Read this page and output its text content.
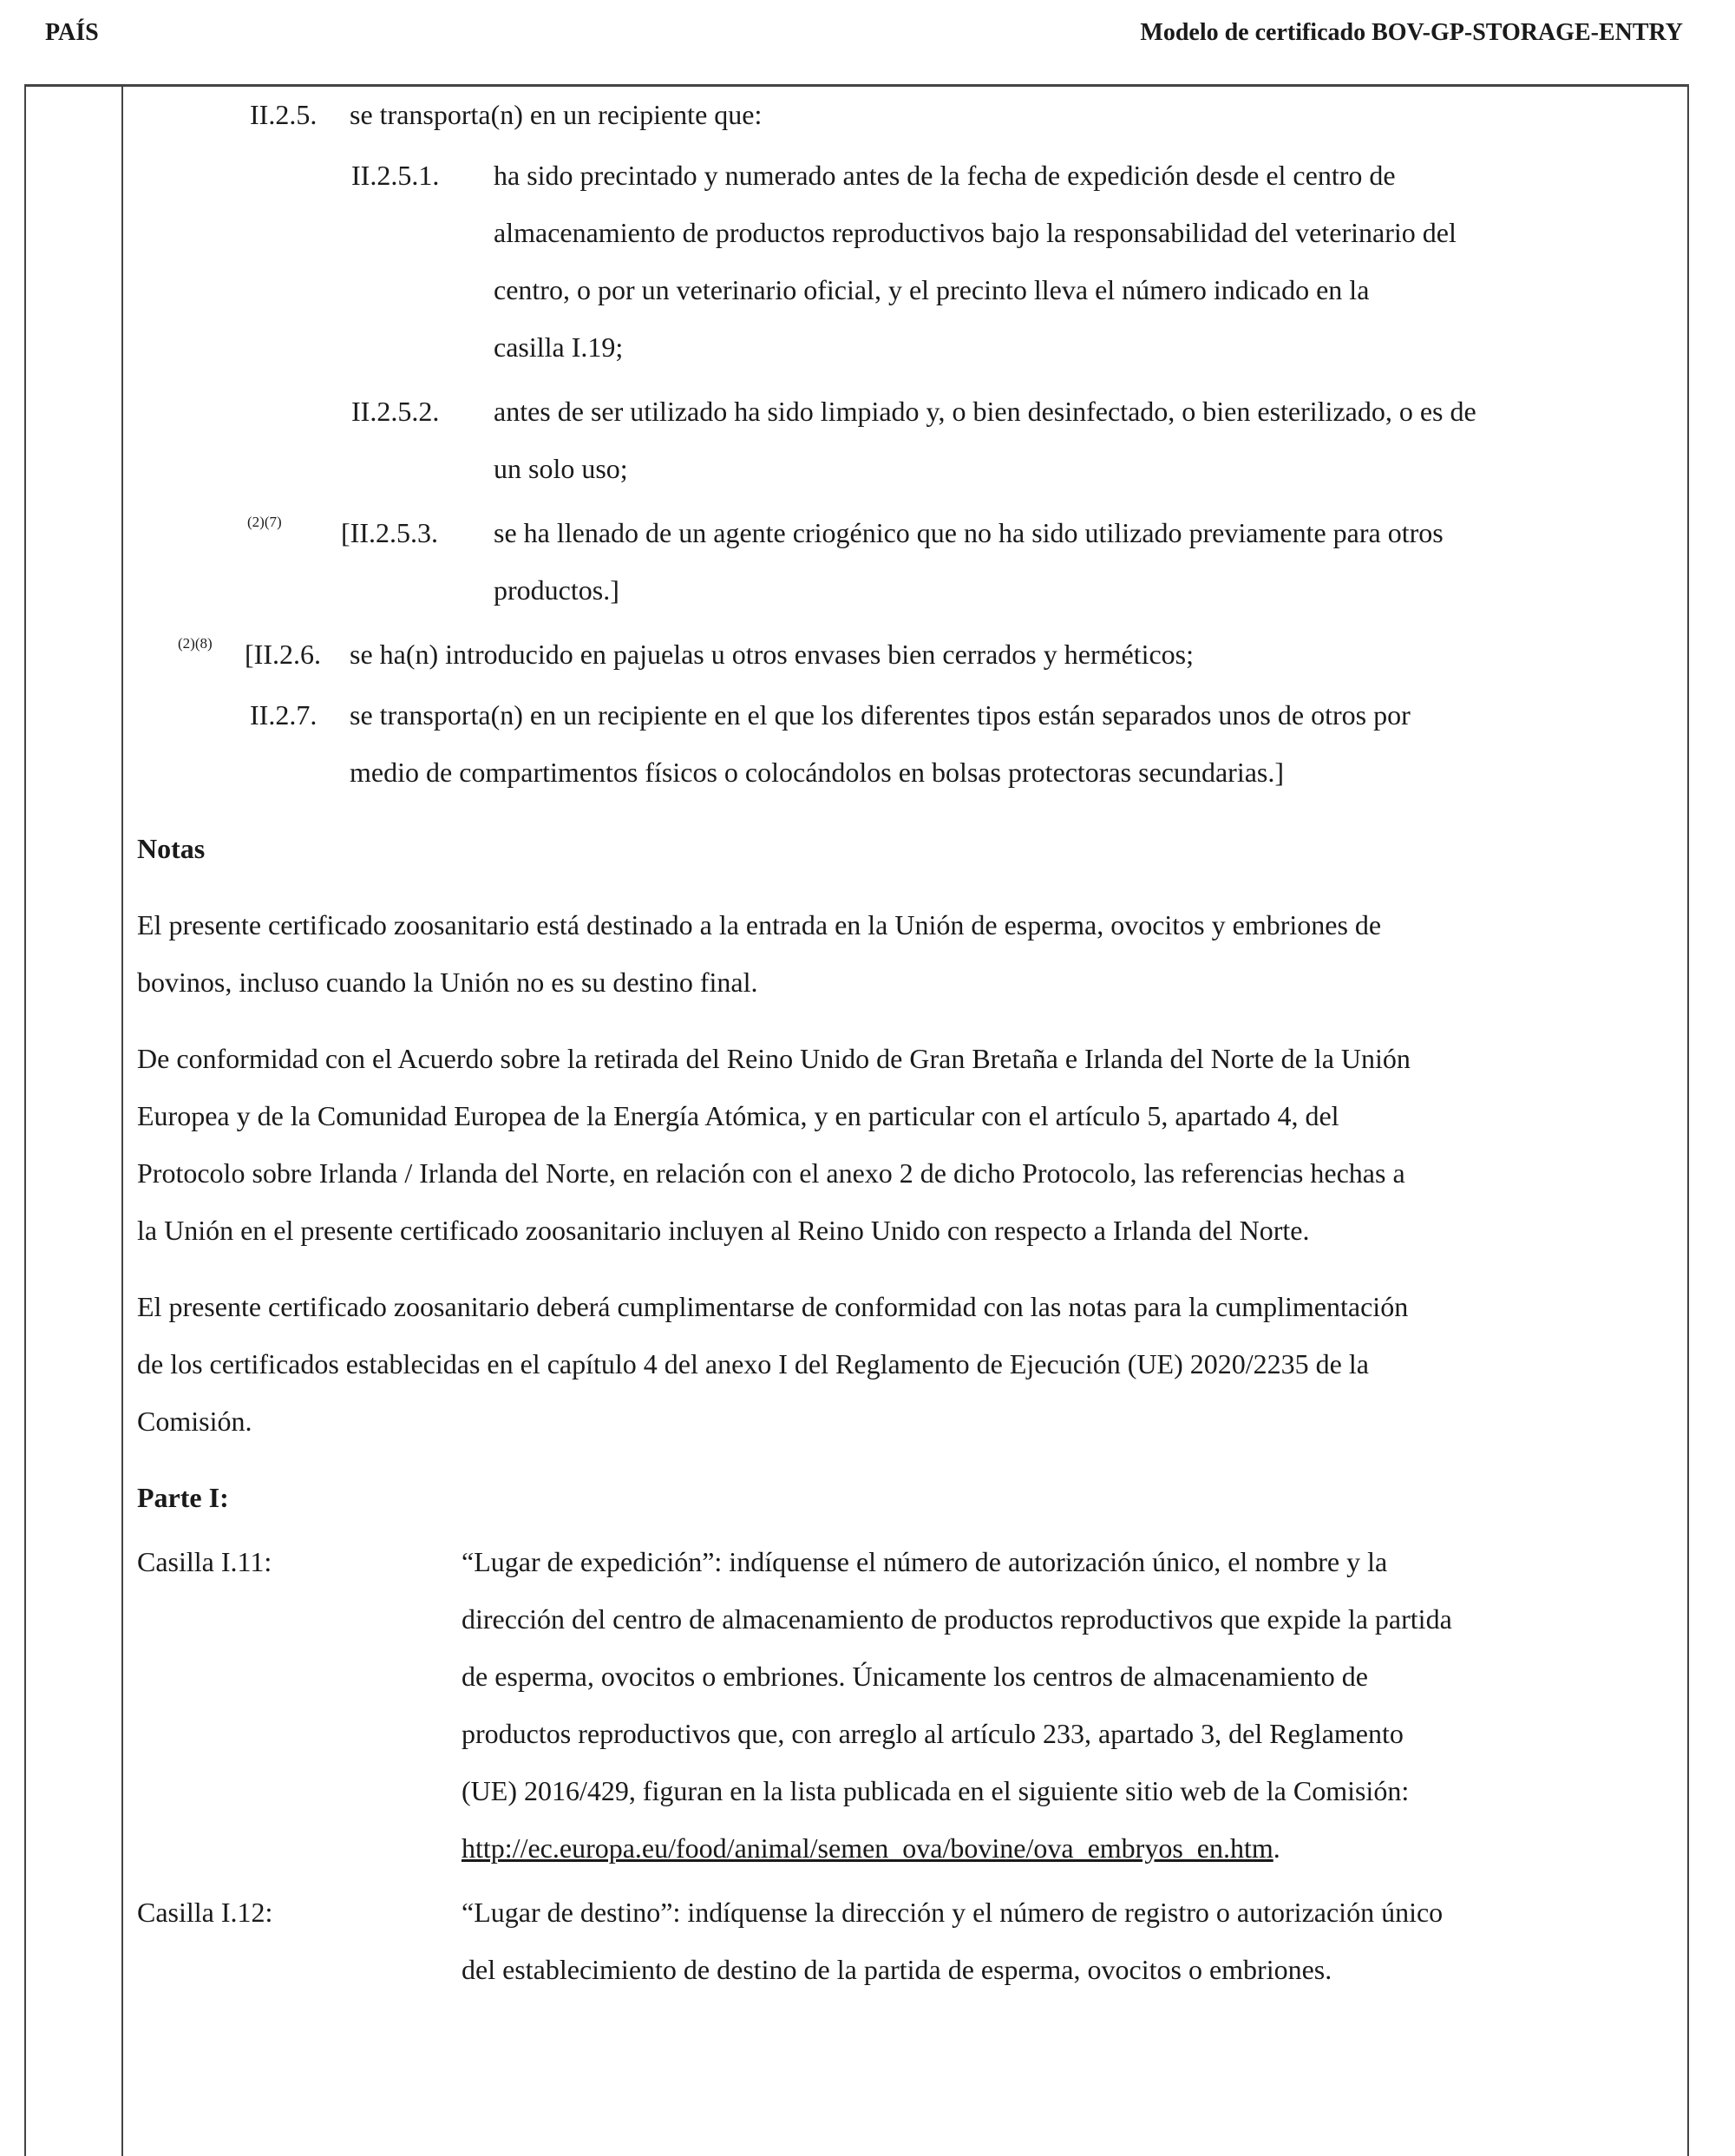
PAÍS	Modelo de certificado BOV-GP-STORAGE-ENTRY
II.2.5. se transporta(n) en un recipiente que:
II.2.5.1. ha sido precintado y numerado antes de la fecha de expedición desde el centro de
almacenamiento de productos reproductivos bajo la responsabilidad del veterinario del
centro, o por un veterinario oficial, y el precinto lleva el número indicado en la
casilla I.19;
II.2.5.2. antes de ser utilizado ha sido limpiado y, o bien desinfectado, o bien esterilizado, o es de
un solo uso;
(2)(7) [II.2.5.3. se ha llenado de un agente criogénico que no ha sido utilizado previamente para otros
productos.]
(2)(8) [II.2.6. se ha(n) introducido en pajuelas u otros envases bien cerrados y herméticos;
II.2.7. se transporta(n) en un recipiente en el que los diferentes tipos están separados unos de otros por
medio de compartimentos físicos o colocándolos en bolsas protectoras secundarias.]
Notas
El presente certificado zoosanitario está destinado a la entrada en la Unión de esperma, ovocitos y embriones de
bovinos, incluso cuando la Unión no es su destino final.
De conformidad con el Acuerdo sobre la retirada del Reino Unido de Gran Bretaña e Irlanda del Norte de la Unión
Europea y de la Comunidad Europea de la Energía Atómica, y en particular con el artículo 5, apartado 4, del
Protocolo sobre Irlanda / Irlanda del Norte, en relación con el anexo 2 de dicho Protocolo, las referencias hechas a
la Unión en el presente certificado zoosanitario incluyen al Reino Unido con respecto a Irlanda del Norte.
El presente certificado zoosanitario deberá cumplimentarse de conformidad con las notas para la cumplimentación
de los certificados establecidas en el capítulo 4 del anexo I del Reglamento de Ejecución (UE) 2020/2235 de la
Comisión.
Parte I:
Casilla I.11:	“Lugar de expedición”: indíquense el número de autorización único, el nombre y la
dirección del centro de almacenamiento de productos reproductivos que expide la partida
de esperma, ovocitos o embriones. Únicamente los centros de almacenamiento de
productos reproductivos que, con arreglo al artículo 233, apartado 3, del Reglamento
(UE) 2016/429, figuran en la lista publicada en el siguiente sitio web de la Comisión:
http://ec.europa.eu/food/animal/semen_ova/bovine/ova_embryos_en.htm.
Casilla I.12:	“Lugar de destino”: indíquense la dirección y el número de registro o autorización único
del establecimiento de destino de la partida de esperma, ovocitos o embriones.
